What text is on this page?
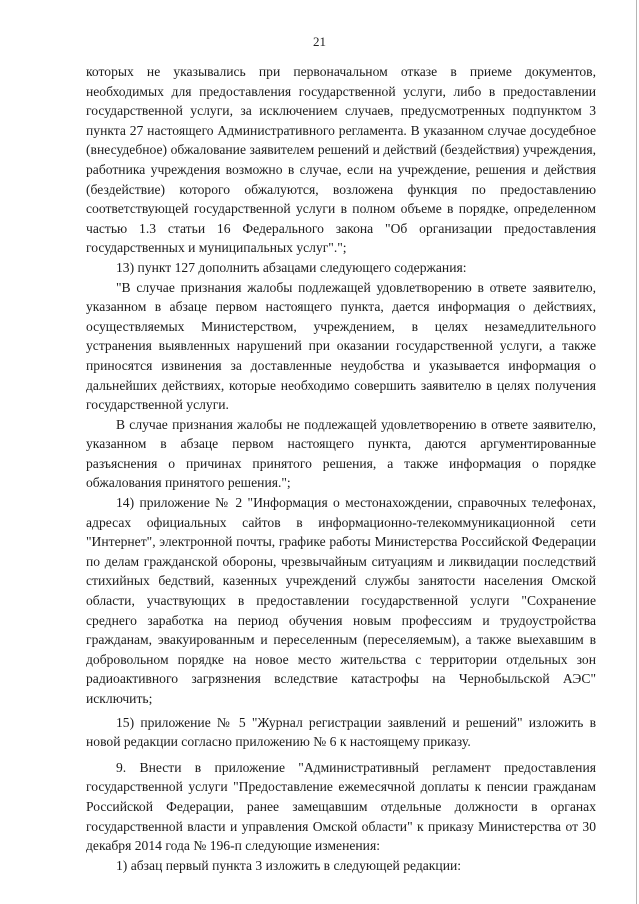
21

которых не указывались при первоначальном отказе в приеме документов, необходимых для предоставления государственной услуги, либо в предоставлении государственной услуги, за исключением случаев, предусмотренных подпунктом 3 пункта 27 настоящего Административного регламента. В указанном случае досудебное (внесудебное) обжалование заявителем решений и действий (бездействия) учреждения, работника учреждения возможно в случае, если на учреждение, решения и действия (бездействие) которого обжалуются, возложена функция по предоставлению соответствующей государственной услуги в полном объеме в порядке, определенном частью 1.3 статьи 16 Федерального закона "Об организации предоставления государственных и муниципальных услуг".";

13) пункт 127 дополнить абзацами следующего содержания:

"В случае признания жалобы подлежащей удовлетворению в ответе заявителю, указанном в абзаце первом настоящего пункта, дается информация о действиях, осуществляемых Министерством, учреждением, в целях незамедлительного устранения выявленных нарушений при оказании государственной услуги, а также приносятся извинения за доставленные неудобства и указывается информация о дальнейших действиях, которые необходимо совершить заявителю в целях получения государственной услуги.

В случае признания жалобы не подлежащей удовлетворению в ответе заявителю, указанном в абзаце первом настоящего пункта, даются аргументированные разъяснения о причинах принятого решения, а также информация о порядке обжалования принятого решения.";

14) приложение № 2 "Информация о местонахождении, справочных телефонах, адресах официальных сайтов в информационно-телекоммуникационной сети "Интернет", электронной почты, графике работы Министерства Российской Федерации по делам гражданской обороны, чрезвычайным ситуациям и ликвидации последствий стихийных бедствий, казенных учреждений службы занятости населения Омской области, участвующих в предоставлении государственной услуги "Сохранение среднего заработка на период обучения новым профессиям и трудоустройства гражданам, эвакуированным и переселенным (переселяемым), а также выехавшим в добровольном порядке на новое место жительства с территории отдельных зон радиоактивного загрязнения вследствие катастрофы на Чернобыльской АЭС" исключить;

15) приложение № 5 "Журнал регистрации заявлений и решений" изложить в новой редакции согласно приложению № 6 к настоящему приказу.

9. Внести в приложение "Административный регламент предоставления государственной услуги "Предоставление ежемесячной доплаты к пенсии гражданам Российской Федерации, ранее замещавшим отдельные должности в органах государственной власти и управления Омской области" к приказу Министерства от 30 декабря 2014 года № 196-п следующие изменения:

1) абзац первый пункта 3 изложить в следующей редакции:
